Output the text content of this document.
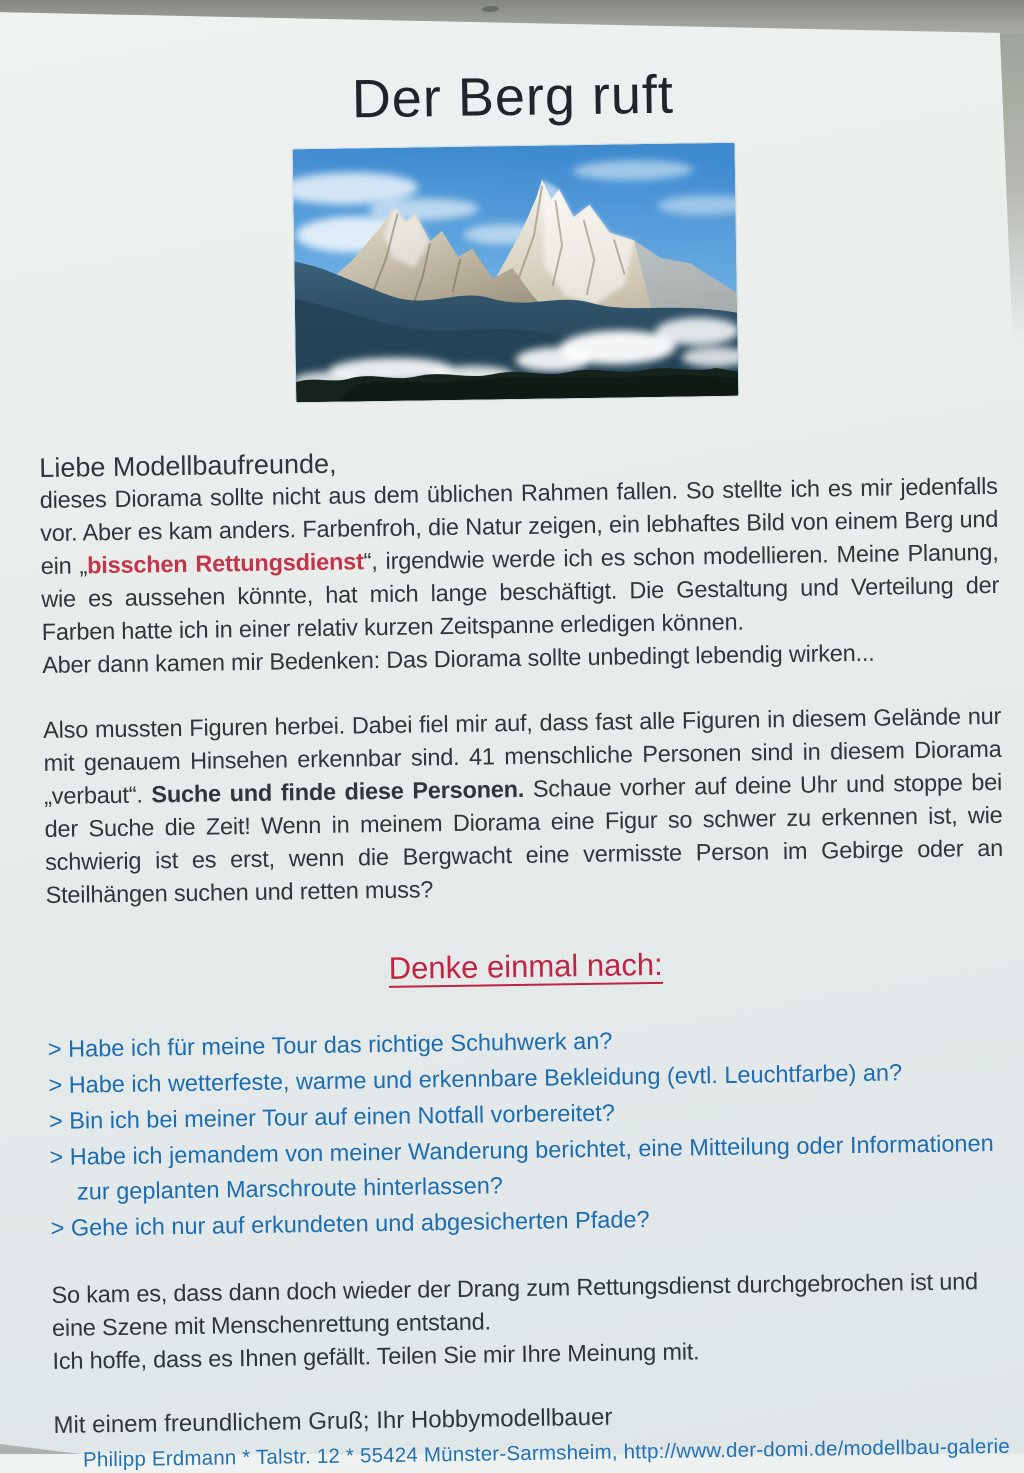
Der Berg ruft
Liebe Modellbaufreunde,

dieses Diorama sollte nicht aus dem üblichen Rahmen fallen. So stellte ich es mir jedenfalls vor. Aber es kam anders. Farbenfroh, die Natur zeigen, ein lebhaftes Bild von einem Berg und ein „bisschen Rettungsdienst“, irgendwie werde ich es schon modellieren. Meine Planung, wie es aussehen könnte, hat mich lange beschäftigt. Die Gestaltung und Verteilung der Farben hatte ich in einer relativ kurzen Zeitspanne erledigen können.

Aber dann kamen mir Bedenken: Das Diorama sollte unbedingt lebendig wirken...

Also mussten Figuren herbei. Dabei fiel mir auf, dass fast alle Figuren in diesem Gelände nur mit genauem Hinsehen erkennbar sind. 41 menschliche Personen sind in diesem Diorama „verbaut“. Suche und finde diese Personen. Schaue vorher auf deine Uhr und stoppe bei der Suche die Zeit! Wenn in meinem Diorama eine Figur so schwer zu erkennen ist, wie schwierig ist es erst, wenn die Bergwacht eine vermisste Person im Gebirge oder an Steilhängen suchen und retten muss?

Denke einmal nach:
> Habe ich für meine Tour das richtige Schuhwerk an?
> Habe ich wetterfeste, warme und erkennbare Bekleidung (evtl. Leuchtfarbe) an?
> Bin ich bei meiner Tour auf einen Notfall vorbereitet?
> Habe ich jemandem von meiner Wanderung berichtet, eine Mitteilung oder Informationen zur geplanten Marschroute hinterlassen?
> Gehe ich nur auf erkundeten und abgesicherten Pfade?

So kam es, dass dann doch wieder der Drang zum Rettungsdienst durchgebrochen ist und eine Szene mit Menschenrettung entstand.

Ich hoffe, dass es Ihnen gefällt. Teilen Sie mir Ihre Meinung mit.

Mit einem freundlichem Gruß; Ihr Hobbymodellbauer
Philipp Erdmann * Talstr. 12 * 55424 Münster-Sarmsheim, http://www.der-domi.de/modellbau-galerie
